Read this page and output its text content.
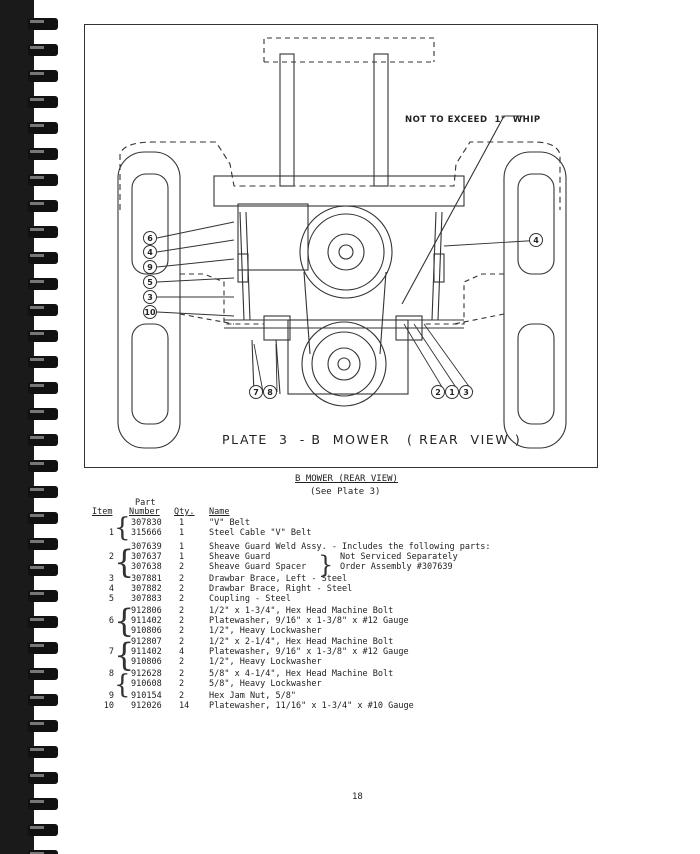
6
4
9
5
3
10
7 8	2 1 3
4
NOT TO EXCEED  1"  WHIP
PLATE  3  - B  MOWER   ( REAR  VIEW )
B MOWER (REAR VIEW)
(See Plate 3)
Part
Item Number Qty. Name
307830 1	"V" Belt
1 315666 1	Steel Cable "V" Belt
307639 1	Sheave Guard Weld Assy. - Includes the following parts:
2 307637 1	Sheave Guard
307638 2	Sheave Guard Spacer
3 307881 2	Drawbar Brace, Left - Steel
4 307882 2	Drawbar Brace, Right - Steel
5 307883 2	Coupling - Steel
912806 2	1/2" x 1-3/4", Hex Head Machine Bolt
6 911402 2	Platewasher, 9/16" x 1-3/8" x #12 Gauge
910806 2	1/2", Heavy Lockwasher
912807 2	1/2" x 2-1/4", Hex Head Machine Bolt
7 911402 4	Platewasher, 9/16" x 1-3/8" x #12 Gauge
910806 2	1/2", Heavy Lockwasher
8 912628 2	5/8" x 4-1/4", Hex Head Machine Bolt
910608 2	5/8", Heavy Lockwasher
9 910154 2	Hex Jam Nut, 5/8"
10 912026 14 Platewasher, 11/16" x 1-3/4" x #10 Gauge
{
{
{
{
{
} Not Serviced Separately
Order Assembly #307639
18
